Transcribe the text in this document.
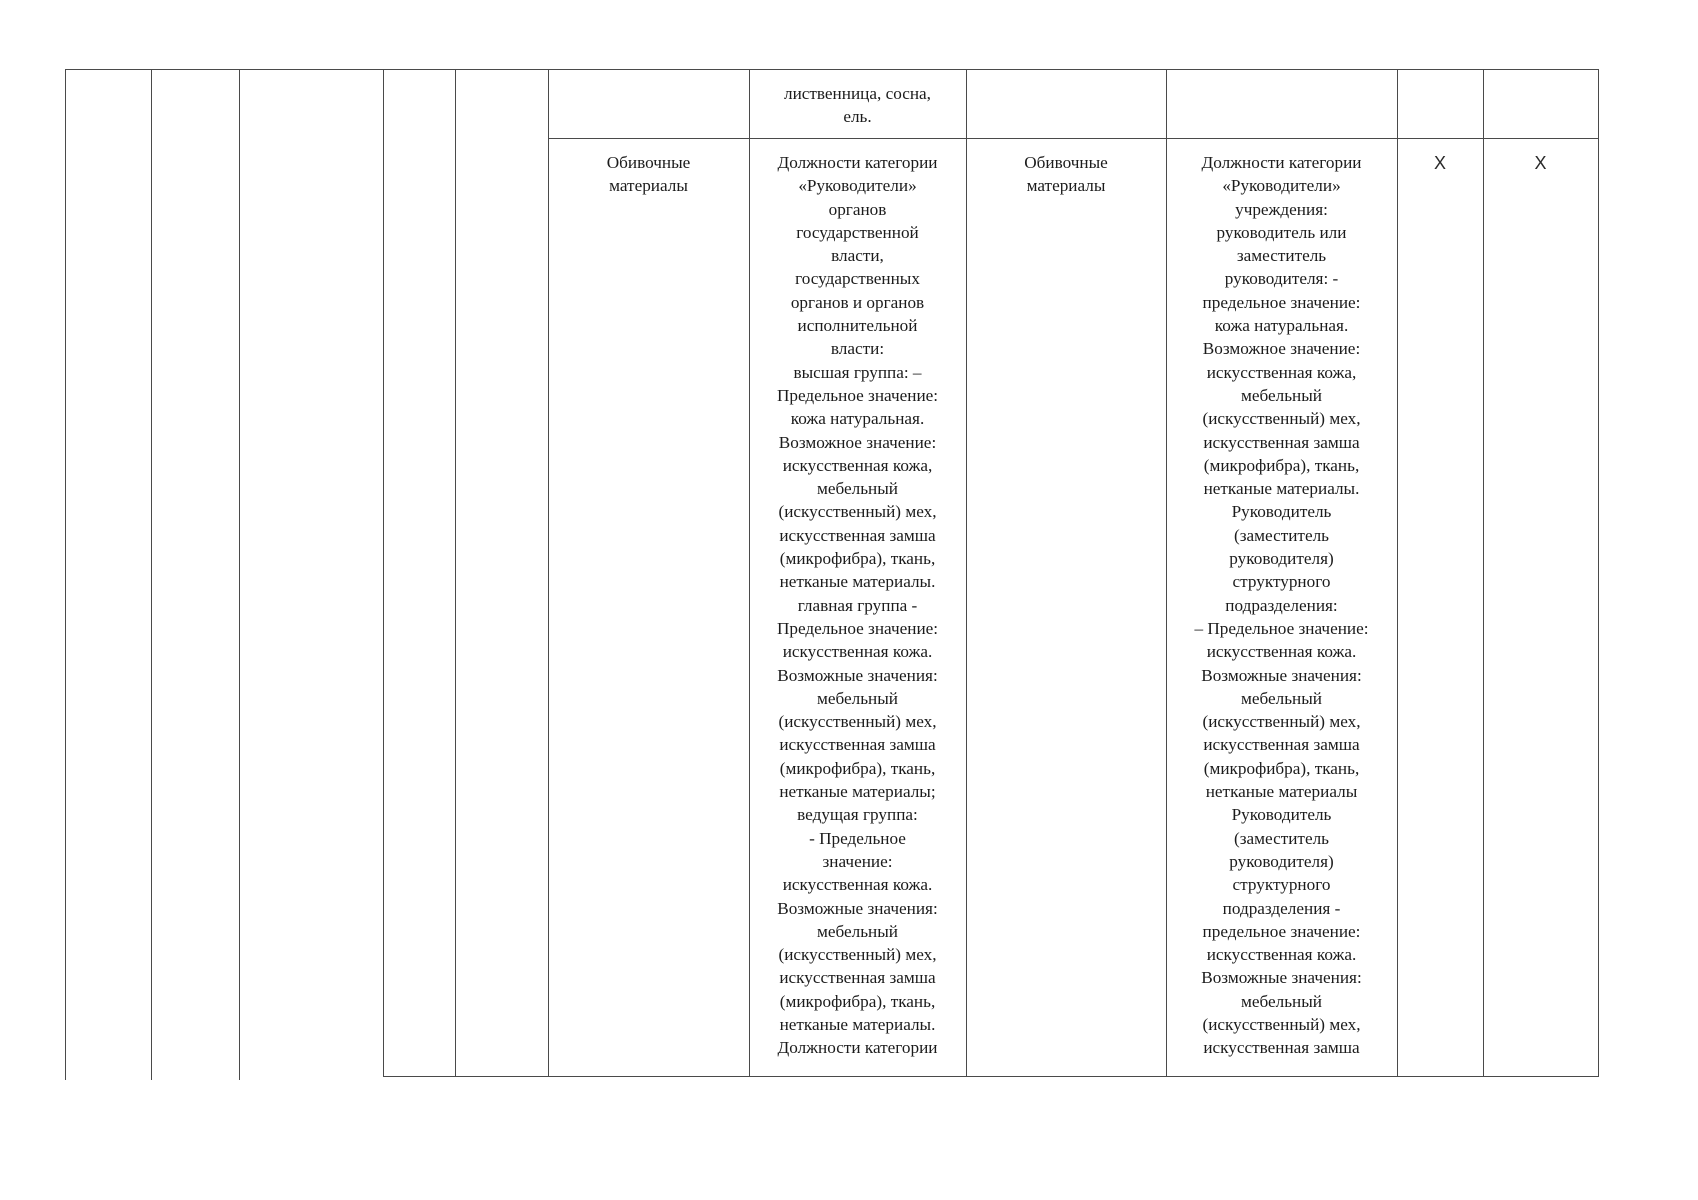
лиственница, сосна,
ель.
Обивочные
материалы
Должности категории
«Руководители»
органов
государственной
власти,
государственных
органов и органов
исполнительной
власти:
высшая группа: –
Предельное значение:
кожа натуральная.
Возможное значение:
искусственная кожа,
мебельный
(искусственный) мех,
искусственная замша
(микрофибра), ткань,
нетканые материалы.
главная группа -
Предельное значение:
искусственная кожа.
Возможные значения:
мебельный
(искусственный) мех,
искусственная замша
(микрофибра), ткань,
нетканые материалы;
ведущая группа:
- Предельное
значение:
искусственная кожа.
Возможные значения:
мебельный
(искусственный) мех,
искусственная замша
(микрофибра), ткань,
нетканые материалы.
Должности категории
Обивочные
материалы
Должности категории
«Руководители»
учреждения:
руководитель или
заместитель
руководителя: -
предельное значение:
кожа натуральная.
Возможное значение:
искусственная кожа,
мебельный
(искусственный) мех,
искусственная замша
(микрофибра), ткань,
нетканые материалы.
Руководитель
(заместитель
руководителя)
структурного
подразделения:
– Предельное значение:
искусственная кожа.
Возможные значения:
мебельный
(искусственный) мех,
искусственная замша
(микрофибра), ткань,
нетканые материалы
Руководитель
(заместитель
руководителя)
структурного
подразделения -
предельное значение:
искусственная кожа.
Возможные значения:
мебельный
(искусственный) мех,
искусственная замша
X	X
